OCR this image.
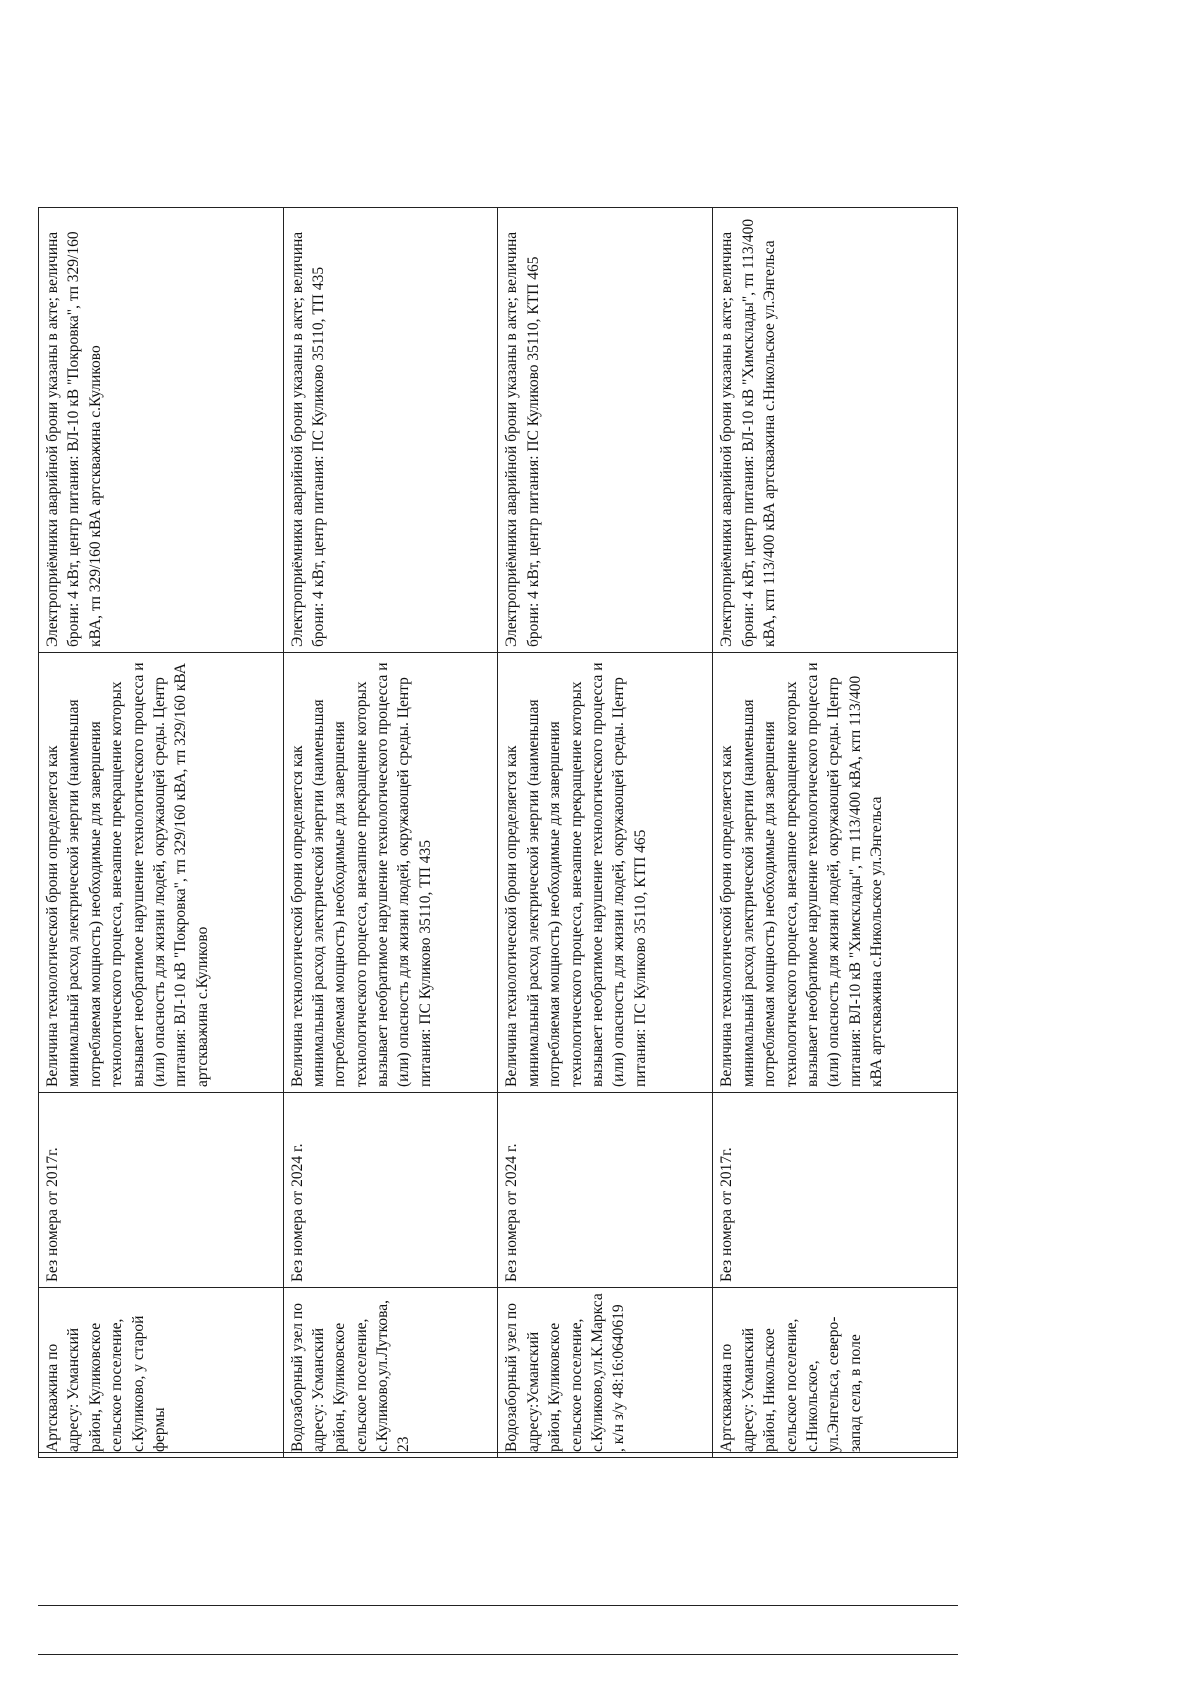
Артскважина по адресу: Усманский район, Куликовское сельское поселение, с.Куликово, у старой фермы	Без номера от 2017г.	Величина технологической брони определяется как минимальный расход электрической энергии (наименьшая потребляемая мощность) необходимые для завершения технологического процесса, внезапное прекращение которых вызывает необратимое нарушение технологического процесса и (или) опасность для жизни людей, окружающей среды. Центр питания: ВЛ-10 кВ "Покровка", тп 329/160 кВА, тп 329/160 кВА артскважина с.Куликово	Электроприёмники аварийной брони указаны в акте; величина брони: 4 кВт, центр питания: ВЛ-10 кВ "Покровка", тп 329/160 кВА, тп 329/160 кВА артскважина с.Куликово
Водозаборный узел по адресу: Усманский район, Куликовское сельское поселение, с.Куликово,ул.Луткова, 23	Без номера от 2024 г.	Величина технологической брони определяется как минимальный расход электрической энергии (наименьшая потребляемая мощность) необходимые для завершения технологического процесса, внезапное прекращение которых вызывает необратимое нарушение технологического процесса и (или) опасность для жизни людей, окружающей среды. Центр питания: ПС Куликово 35110, ТП 435	Электроприёмники аварийной брони указаны в акте; величина брони: 4 кВт, центр питания: ПС Куликово 35110, ТП 435
Водозаборный узел по адресу:Усманский район, Куликовское сельское поселение, с.Куликово,ул.К.Маркса, к/н з/у 48:16:0640619	Без номера от 2024 г.	Величина технологической брони определяется как минимальный расход электрической энергии (наименьшая потребляемая мощность) необходимые для завершения технологического процесса, внезапное прекращение которых вызывает необратимое нарушение технологического процесса и (или) опасность для жизни людей, окружающей среды. Центр питания: ПС Куликово 35110, КТП 465	Электроприёмники аварийной брони указаны в акте; величина брони: 4 кВт, центр питания: ПС Куликово 35110, КТП 465
Артскважина по адресу: Усманский район, Никольское сельское поселение, с.Никольское, ул.Энгельса, северо-запад села, в поле	Без номера от 2017г.	Величина технологической брони определяется как минимальный расход электрической энергии (наименьшая потребляемая мощность) необходимые для завершения технологического процесса, внезапное прекращение которых вызывает необратимое нарушение технологического процесса и (или) опасность для жизни людей, окружающей среды. Центр питания: ВЛ-10 кВ "Химсклады", тп 113/400 кВА, ктп 113/400 кВА артскважина с.Никольское ул.Энгельса	Электроприёмники аварийной брони указаны в акте; величина брони: 4 кВт, центр питания: ВЛ-10 кВ "Химсклады", тп 113/400 кВА, ктп 113/400 кВА артскважина с.Никольское ул.Энгельса
